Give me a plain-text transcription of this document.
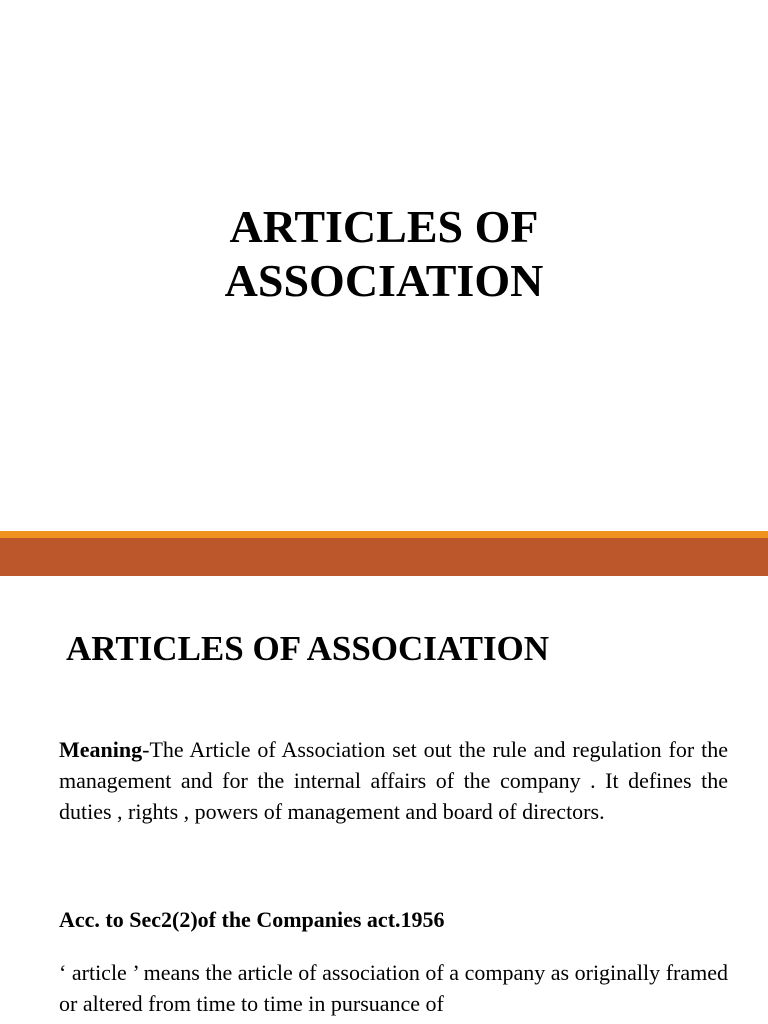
ARTICLES OF
ASSOCIATION
ARTICLES OF ASSOCIATION

Meaning-The Article of Association set out the rule and regulation for the management and for the internal affairs of the company . It defines the duties , rights , powers of management and board of directors.

Acc. to Sec2(2)of the Companies act.1956

‘ article ’ means the article of association of a company as originally framed or altered from time to time in pursuance of
